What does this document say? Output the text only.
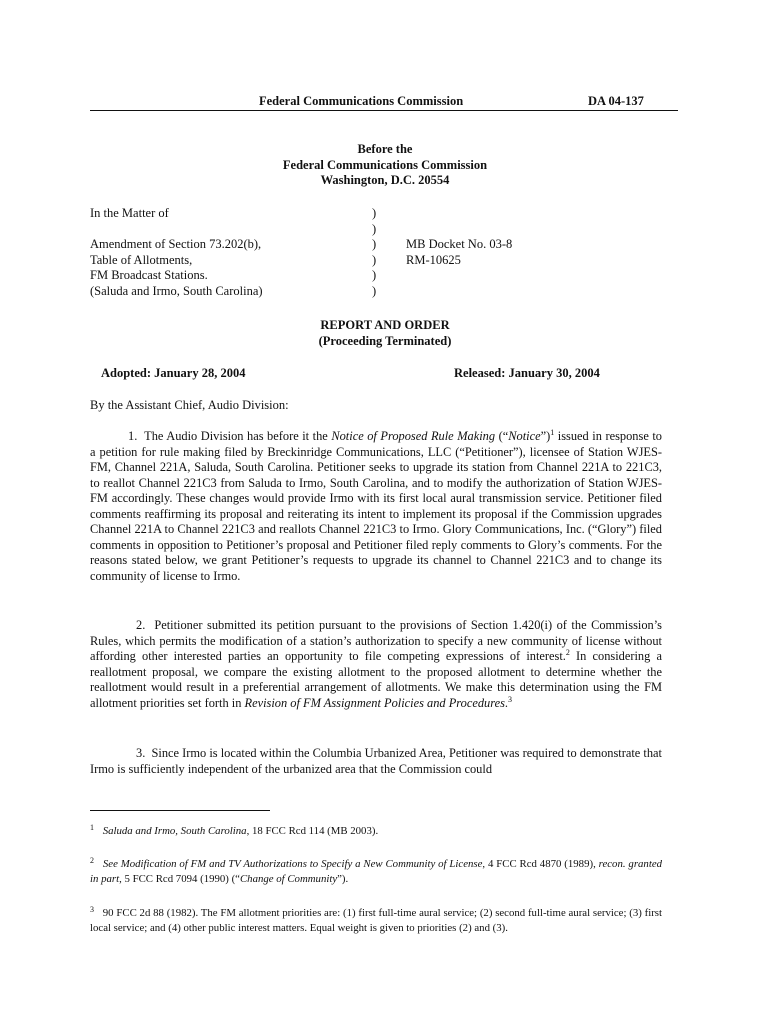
Federal Communications Commission	DA 04-137
Before the
Federal Communications Commission
Washington, D.C. 20554
In the Matter of
Amendment of Section 73.202(b),
Table of Allotments,
FM Broadcast Stations.
(Saluda and Irmo, South Carolina)
)
)
)
)
)
)
MB Docket No. 03-8
RM-10625
REPORT AND ORDER
(Proceeding Terminated)
Adopted: January 28, 2004	Released: January 30, 2004
By the Assistant Chief, Audio Division:

1. The Audio Division has before it the Notice of Proposed Rule Making (“Notice”)$^1$ issued in response to a petition for rule making filed by Breckinridge Communications, LLC (“Petitioner”), licensee of Station WJES-FM, Channel 221A, Saluda, South Carolina. Petitioner seeks to upgrade its station from Channel 221A to 221C3, to reallot Channel 221C3 from Saluda to Irmo, South Carolina, and to modify the authorization of Station WJES-FM accordingly. These changes would provide Irmo with its first local aural transmission service. Petitioner filed comments reaffirming its proposal and reiterating its intent to implement its proposal if the Commission upgrades Channel 221A to Channel 221C3 and reallots Channel 221C3 to Irmo. Glory Communications, Inc. (“Glory”) filed comments in opposition to Petitioner’s proposal and Petitioner filed reply comments to Glory’s comments. For the reasons stated below, we grant Petitioner’s requests to upgrade its channel to Channel 221C3 and to change its community of license to Irmo.

2. Petitioner submitted its petition pursuant to the provisions of Section 1.420(i) of the Commission’s Rules, which permits the modification of a station’s authorization to specify a new community of license without affording other interested parties an opportunity to file competing expressions of interest.$^2$ In considering a reallotment proposal, we compare the existing allotment to the proposed allotment to determine whether the reallotment would result in a preferential arrangement of allotments. We make this determination using the FM allotment priorities set forth in Revision of FM Assignment Policies and Procedures.$^3$

3. Since Irmo is located within the Columbia Urbanized Area, Petitioner was required to demonstrate that Irmo is sufficiently independent of the urbanized area that the Commission could

$^1$ Saluda and Irmo, South Carolina, 18 FCC Rcd 114 (MB 2003).

$^2$ See Modification of FM and TV Authorizations to Specify a New Community of License, 4 FCC Rcd 4870 (1989), recon. granted in part, 5 FCC Rcd 7094 (1990) (“Change of Community”).

$^3$ 90 FCC 2d 88 (1982). The FM allotment priorities are: (1) first full-time aural service; (2) second full-time aural service; (3) first local service; and (4) other public interest matters. Equal weight is given to priorities (2) and (3).
